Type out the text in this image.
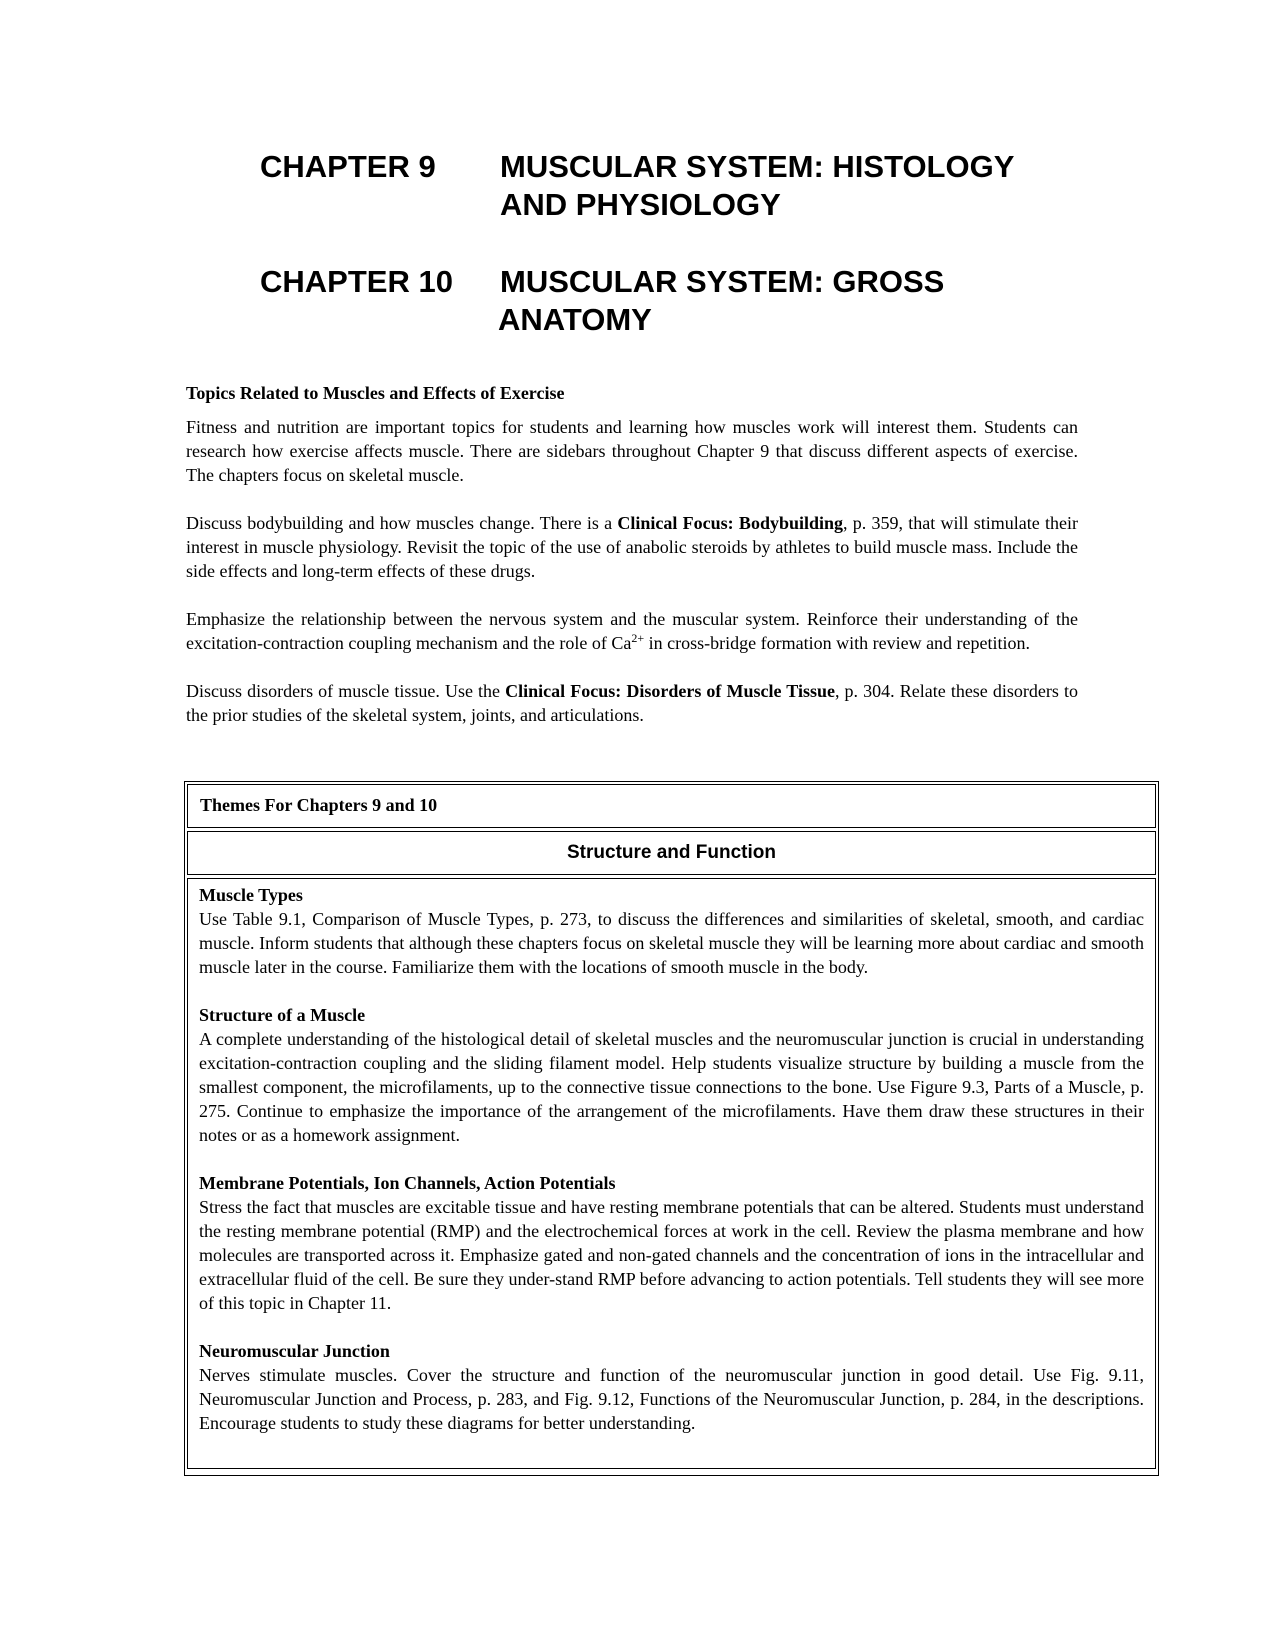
CHAPTER 9	MUSCULAR SYSTEM: HISTOLOGY
AND PHYSIOLOGY
CHAPTER 10	MUSCULAR SYSTEM: GROSS
ANATOMY
Topics Related to Muscles and Effects of Exercise

Fitness and nutrition are important topics for students and learning how muscles work will interest them. Students can research how exercise affects muscle. There are sidebars throughout Chapter 9 that discuss different aspects of exercise. The chapters focus on skeletal muscle.

Discuss bodybuilding and how muscles change. There is a Clinical Focus: Bodybuilding, p. 359, that will stimulate their interest in muscle physiology. Revisit the topic of the use of anabolic steroids by athletes to build muscle mass. Include the side effects and long-term effects of these drugs.

Emphasize the relationship between the nervous system and the muscular system. Reinforce their understanding of the excitation-contraction coupling mechanism and the role of $Ca^{2+}$ in cross-bridge formation with review and repetition.

Discuss disorders of muscle tissue. Use the Clinical Focus: Disorders of Muscle Tissue, p. 304. Relate these disorders to the prior studies of the skeletal system, joints, and articulations.

Themes For Chapters 9 and 10
Structure and Function
Muscle Types
Use Table 9.1, Comparison of Muscle Types, p. 273, to discuss the differences and similarities of skeletal, smooth, and cardiac muscle. Inform students that although these chapters focus on skeletal muscle they will be learning more about cardiac and smooth muscle later in the course. Familiarize them with the locations of smooth muscle in the body.
Structure of a Muscle
A complete understanding of the histological detail of skeletal muscles and the neuromuscular junction is crucial in understanding excitation-contraction coupling and the sliding filament model. Help students visualize structure by building a muscle from the smallest component, the microfilaments, up to the connective tissue connections to the bone. Use Figure 9.3, Parts of a Muscle, p. 275. Continue to emphasize the importance of the arrangement of the microfilaments. Have them draw these structures in their notes or as a homework assignment.
Membrane Potentials, Ion Channels, Action Potentials
Stress the fact that muscles are excitable tissue and have resting membrane potentials that can be altered. Students must understand the resting membrane potential (RMP) and the electrochemical forces at work in the cell. Review the plasma membrane and how molecules are transported across it. Emphasize gated and non-gated channels and the concentration of ions in the intracellular and extracellular fluid of the cell. Be sure they under-stand RMP before advancing to action potentials. Tell students they will see more of this topic in Chapter 11.
Neuromuscular Junction
Nerves stimulate muscles. Cover the structure and function of the neuromuscular junction in good detail. Use Fig. 9.11, Neuromuscular Junction and Process, p. 283, and Fig. 9.12, Functions of the Neuromuscular Junction, p. 284, in the descriptions. Encourage students to study these diagrams for better understanding.
